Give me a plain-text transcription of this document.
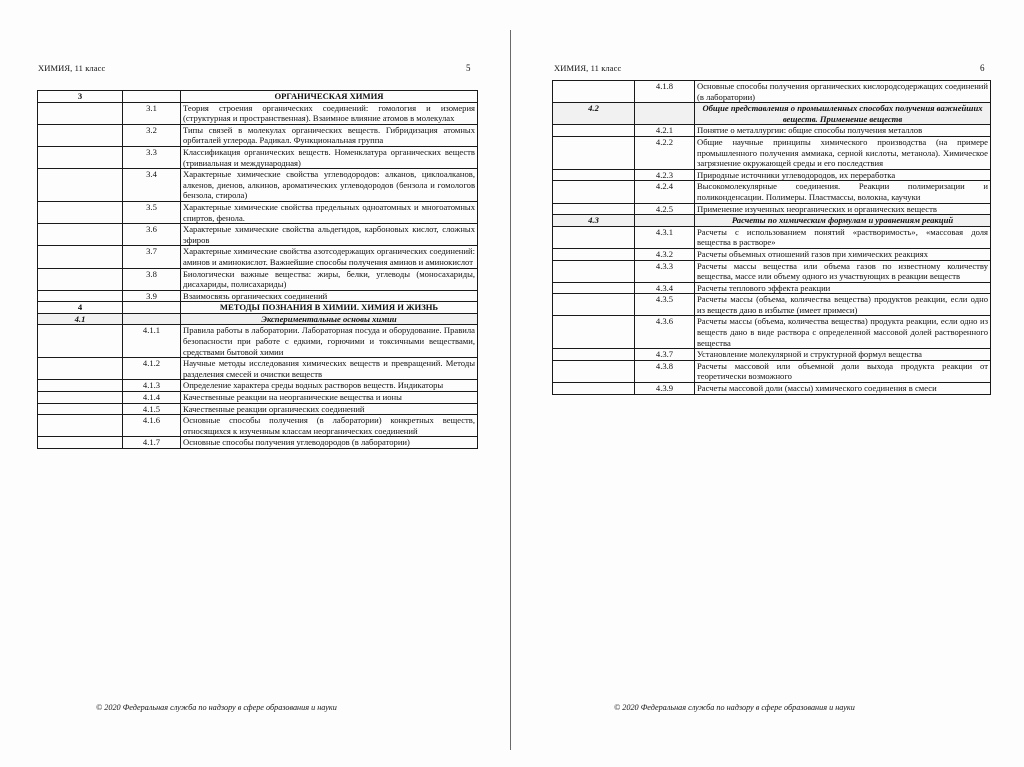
ХИМИЯ, 11 класс	5
3		ОРГАНИЧЕСКАЯ ХИМИЯ
	3.1	Теория строения органических соединений: гомология и изомерия (структурная и пространственная). Взаимное влияние атомов в молекулах
	3.2	Типы связей в молекулах органических веществ. Гибридизация атомных орбиталей углерода. Радикал. Функциональная группа
	3.3	Классификация органических веществ. Номенклатура органических веществ (тривиальная и международная)
	3.4	Характерные химические свойства углеводородов: алканов, циклоалканов, алкенов, диенов, алкинов, ароматических углеводородов (бензола и гомологов бензола, стирола)
	3.5	Характерные химические свойства предельных одноатомных и многоатомных спиртов, фенола.
	3.6	Характерные химические свойства альдегидов, карбоновых кислот, сложных эфиров
	3.7	Характерные химические свойства азотсодержащих органических соединений: аминов и аминокислот. Важнейшие способы получения аминов и аминокислот
	3.8	Биологически важные вещества: жиры, белки, углеводы (моносахариды, дисахариды, полисахариды)
	3.9	Взаимосвязь органических соединений
4		МЕТОДЫ ПОЗНАНИЯ В ХИМИИ. ХИМИЯ И ЖИЗНЬ
4.1		Экспериментальные основы химии
	4.1.1	Правила работы в лаборатории. Лабораторная посуда и оборудование. Правила безопасности при работе с едкими, горючими и токсичными веществами, средствами бытовой химии
	4.1.2	Научные методы исследования химических веществ и превращений. Методы разделения смесей и очистки веществ
	4.1.3	Определение характера среды водных растворов веществ. Индикаторы
	4.1.4	Качественные реакции на неорганические вещества и ионы
	4.1.5	Качественные реакции органических соединений
	4.1.6	Основные способы получения (в лаборатории) конкретных веществ, относящихся к изученным классам неорганических соединений
	4.1.7	Основные способы получения углеводородов (в лаборатории)
© 2020 Федеральная служба по надзору в сфере образования и науки
ХИМИЯ, 11 класс	6
	4.1.8	Основные способы получения органических кислородсодержащих соединений (в лаборатории)
4.2		Общие представления о промышленных способах получения важнейших веществ. Применение веществ
	4.2.1	Понятие о металлургии: общие способы получения металлов
	4.2.2	Общие научные принципы химического производства (на примере промышленного получения аммиака, серной кислоты, метанола). Химическое загрязнение окружающей среды и его последствия
	4.2.3	Природные источники углеводородов, их переработка
	4.2.4	Высокомолекулярные соединения. Реакции полимеризации и поликонденсации. Полимеры. Пластмассы, волокна, каучуки
	4.2.5	Применение изученных неорганических и органических веществ
4.3		Расчеты по химическим формулам и уравнениям реакций
	4.3.1	Расчеты с использованием понятий «растворимость», «массовая доля вещества в растворе»
	4.3.2	Расчеты объемных отношений газов при химических реакциях
	4.3.3	Расчеты массы вещества или объема газов по известному количеству вещества, массе или объему одного из участвующих в реакции веществ
	4.3.4	Расчеты теплового эффекта реакции
	4.3.5	Расчеты массы (объема, количества вещества) продуктов реакции, если одно из веществ дано в избытке (имеет примеси)
	4.3.6	Расчеты массы (объема, количества вещества) продукта реакции, если одно из веществ дано в виде раствора с определенной массовой долей растворенного вещества
	4.3.7	Установление молекулярной и структурной формул вещества
	4.3.8	Расчеты массовой или объемной доли выхода продукта реакции от теоретически возможного
	4.3.9	Расчеты массовой доли (массы) химического соединения в смеси
© 2020 Федеральная служба по надзору в сфере образования и науки
